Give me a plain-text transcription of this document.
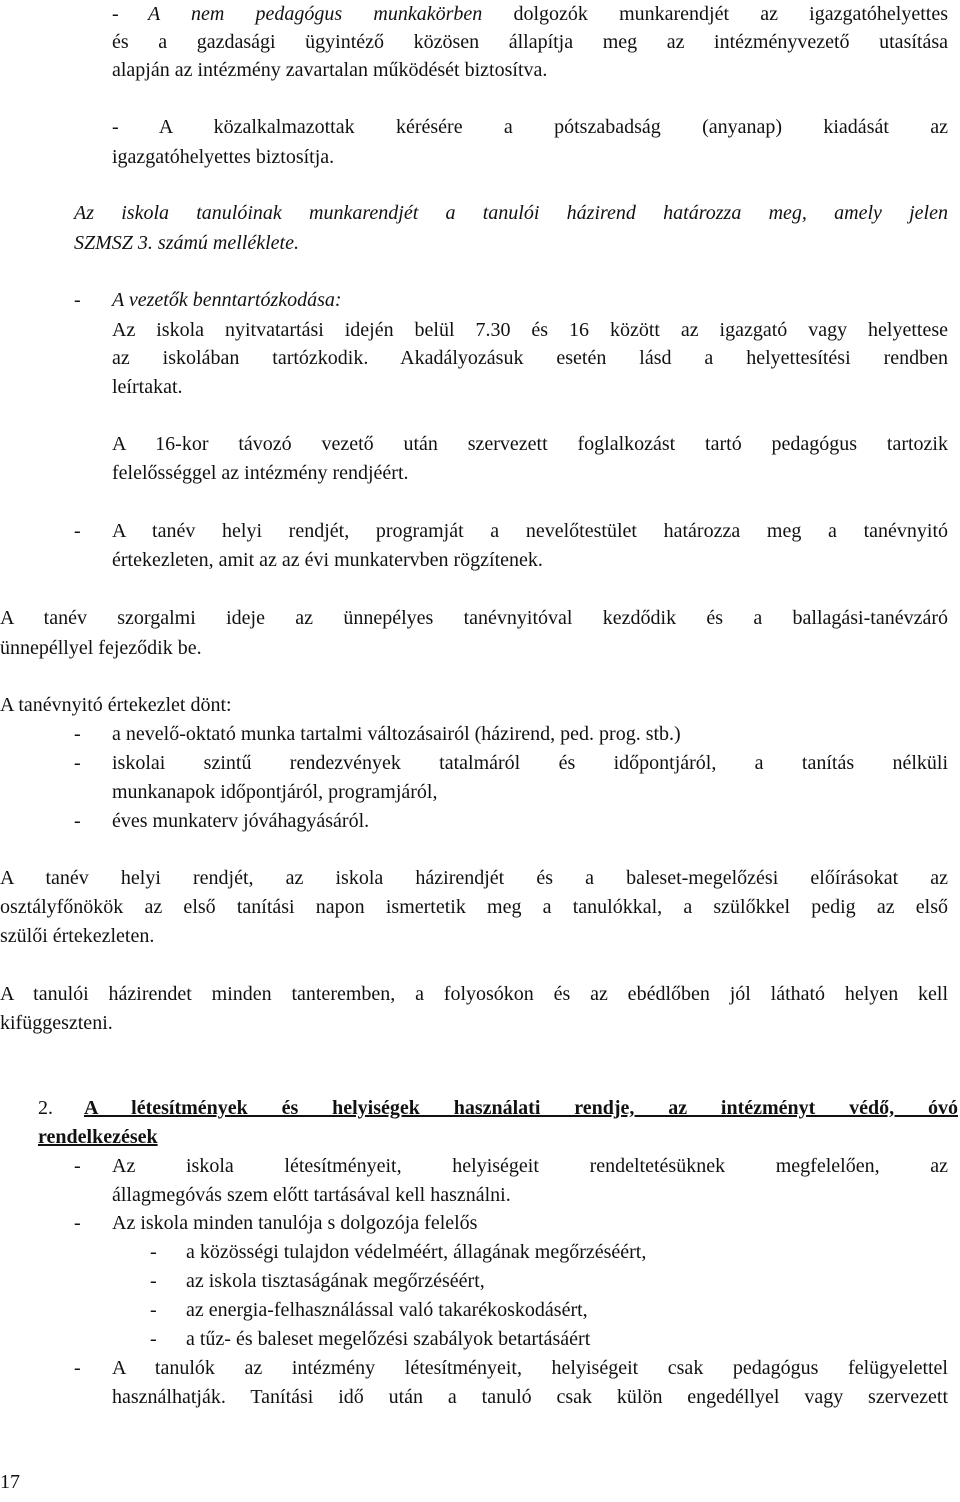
- A nem pedagógus munkakörben dolgozók munkarendjét az igazgatóhelyettes
és a gazdasági ügyintéző közösen állapítja meg az intézményvezető utasítása
alapján az intézmény zavartalan működését biztosítva.
- A közalkalmazottak kérésére a pótszabadság (anyanap) kiadását az
igazgatóhelyettes biztosítja.
Az iskola tanulóinak munkarendjét a tanulói házirend határozza meg, amely jelen
SZMSZ 3. számú melléklete.
- A vezetők benntartózkodása:
Az iskola nyitvatartási idején belül 7.30 és 16 között az igazgató vagy helyettese
az iskolában tartózkodik. Akadályozásuk esetén lásd a helyettesítési rendben
leírtakat.
A 16-kor távozó vezető után szervezett foglalkozást tartó pedagógus tartozik
felelősséggel az intézmény rendjéért.
- A tanév helyi rendjét, programját a nevelőtestület határozza meg a tanévnyitó
értekezleten, amit az az évi munkatervben rögzítenek.
A tanév szorgalmi ideje az ünnepélyes tanévnyitóval kezdődik és a ballagási-tanévzáró
ünnepéllyel fejeződik be.
A tanévnyitó értekezlet dönt:
- a nevelő-oktató munka tartalmi változásairól (házirend, ped. prog. stb.)
- iskolai szintű rendezvények tatalmáról és időpontjáról, a tanítás nélküli
munkanapok időpontjáról, programjáról,
- éves munkaterv jóváhagyásáról.
A tanév helyi rendjét, az iskola házirendjét és a baleset-megelőzési előírásokat az
osztályfőnökök az első tanítási napon ismertetik meg a tanulókkal, a szülőkkel pedig az első
szülői értekezleten.
A tanulói házirendet minden tanteremben, a folyosókon és az ebédlőben jól látható helyen kell
kifüggeszteni.
2. A létesítmények és helyiségek használati rendje, az intézményt védő, óvó
rendelkezések
- Az iskola létesítményeit, helyiségeit rendeltetésüknek megfelelően, az
állagmegóvás szem előtt tartásával kell használni.
- Az iskola minden tanulója s dolgozója felelős
- a közösségi tulajdon védelméért, állagának megőrzéséért,
- az iskola tisztaságának megőrzéséért,
- az energia-felhasználással való takarékoskodásért,
- a tűz- és baleset megelőzési szabályok betartásáért
- A tanulók az intézmény létesítményeit, helyiségeit csak pedagógus felügyelettel
használhatják. Tanítási idő után a tanuló csak külön engedéllyel vagy szervezett
17
